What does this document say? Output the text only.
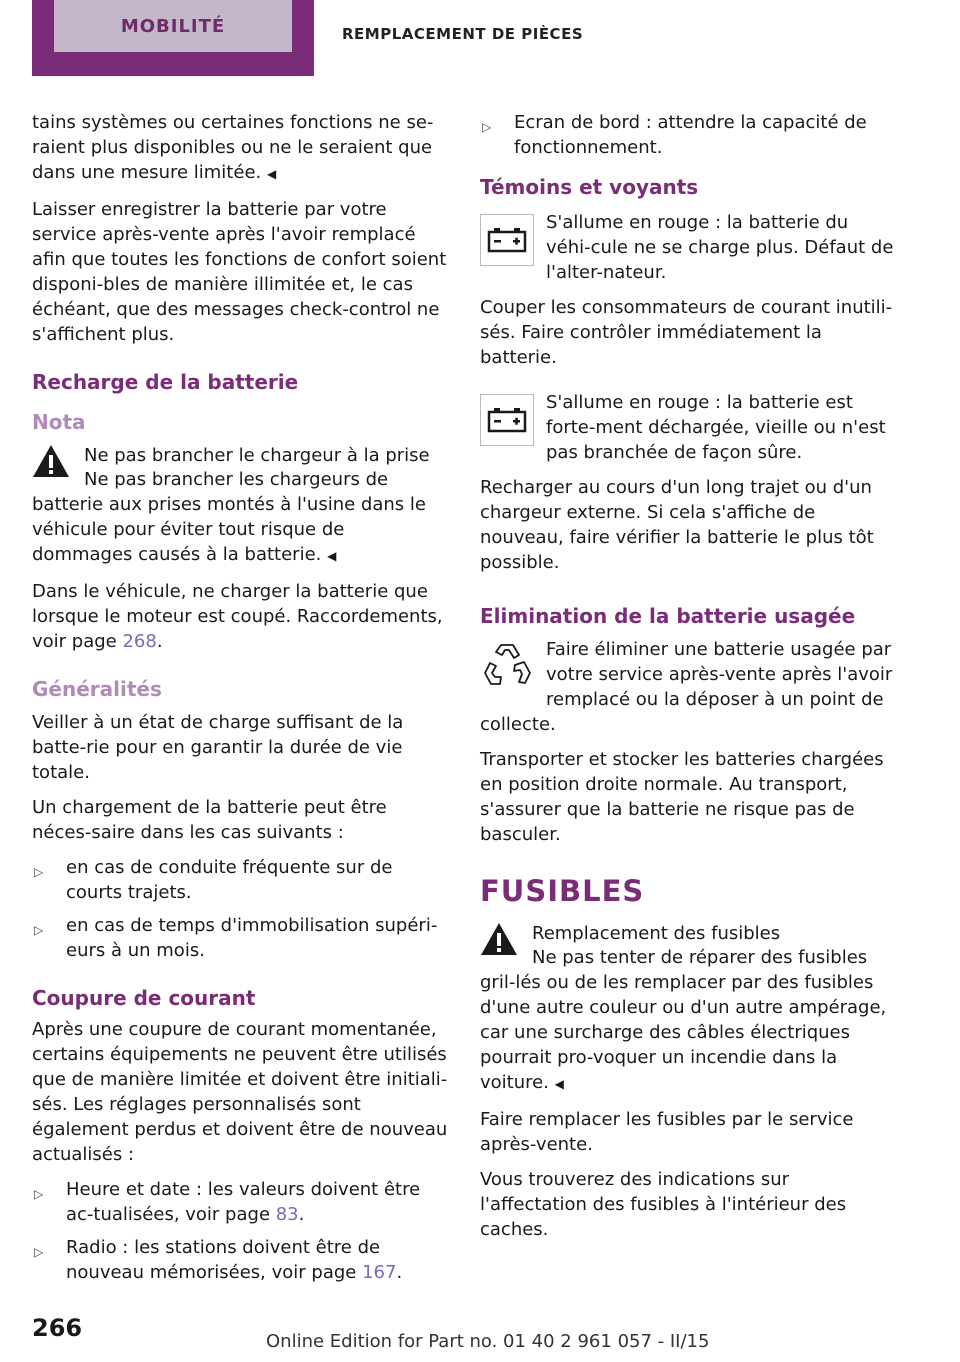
MOBILITÉ	REMPLACEMENT DE PIÈCES

tains systèmes ou certaines fonctions ne se-raient plus disponibles ou ne le seraient que dans une mesure limitée. ◀

Laisser enregistrer la batterie par votre service après-vente après l'avoir remplacé afin que toutes les fonctions de confort soient disponi-bles de manière illimitée et, le cas échéant, que des messages check-control ne s'affichent plus.

Recharge de la batterie
Nota

Ne pas brancher le chargeur à la prise

Ne pas brancher les chargeurs de batterie aux prises montés à l'usine dans le véhicule pour éviter tout risque de dommages causés à la batterie. ◀

Dans le véhicule, ne charger la batterie que lorsque le moteur est coupé. Raccordements, voir page 268.

Généralités

Veiller à un état de charge suffisant de la batte-rie pour en garantir la durée de vie totale.

Un chargement de la batterie peut être néces-saire dans les cas suivants :

▷ en cas de conduite fréquente sur de courts trajets.
▷ en cas de temps d'immobilisation supéri-eurs à un mois.
Coupure de courant

Après une coupure de courant momentanée, certains équipements ne peuvent être utilisés que de manière limitée et doivent être initiali-sés. Les réglages personnalisés sont également perdus et doivent être de nouveau actualisés :

▷ Heure et date : les valeurs doivent être ac-tualisées, voir page 83.
▷ Radio : les stations doivent être de nouveau mémorisées, voir page 167.
▷ Ecran de bord : attendre la capacité de fonctionnement.
Témoins et voyants

S'allume en rouge : la batterie du véhi-cule ne se charge plus. Défaut de l'alter-nateur.

Couper les consommateurs de courant inutili-sés. Faire contrôler immédiatement la batterie.

S'allume en rouge : la batterie est forte-ment déchargée, vieille ou n'est pas branchée de façon sûre.

Recharger au cours d'un long trajet ou d'un chargeur externe. Si cela s'affiche de nouveau, faire vérifier la batterie le plus tôt possible.

Elimination de la batterie usagée

Faire éliminer une batterie usagée par votre service après-vente après l'avoir remplacé ou la déposer à un point de collecte.

Transporter et stocker les batteries chargées en position droite normale. Au transport, s'assurer que la batterie ne risque pas de basculer.

FUSIBLES

Remplacement des fusibles

Ne pas tenter de réparer des fusibles gril-lés ou de les remplacer par des fusibles d'une autre couleur ou d'un autre ampérage, car une surcharge des câbles électriques pourrait pro-voquer un incendie dans la voiture. ◀

Faire remplacer les fusibles par le service après-vente.

Vous trouverez des indications sur l'affectation des fusibles à l'intérieur des caches.

266	Online Edition for Part no. 01 40 2 961 057 - II/15
